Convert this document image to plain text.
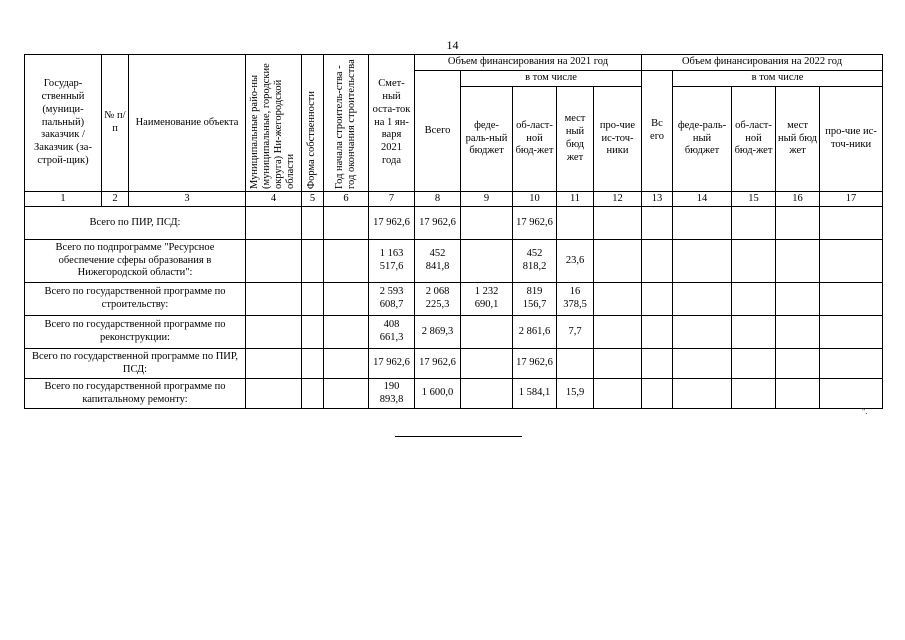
14
Государ-ственный (муници-пальный) заказчик / Заказчик (за-строй-щик)	№ п/п	Наименование объекта	Муниципальные райо-ны (муниципальные, городские округа) Ни-жегородской области	Форма собственности	Год начала строитель-ства - год окончания строительства	Смет-ный оста-ток на 1 ян-варя 2021 года	Объем финансирования на 2021 год					Объем финансирования на 2022 год				
							Всего	в том числе				Вс его	в том числе			
								феде-раль-ный бюджет	об-ласт-ной бюд-жет	мест ный бюд жет	про-чие ис-точ-ники		феде-раль-ный бюджет	об-ласт-ной бюд-жет	мест ный бюд жет	про-чие ис-точ-ники
1	2	3	4	5	6	7	8	9	10	11	12	13	14	15	16	17
Всего по ПИР, ПСД:						17 962,6	17 962,6		17 962,6							
Всего по подпрограмме "Ресурсное обеспечение сферы образования в Нижегородской области":						1 163 517,6	452 841,8		452 818,2	23,6						
Всего по государственной программе по строительству:						2 593 608,7	2 068 225,3	1 232 690,1	819 156,7	16 378,5						
Всего по государственной программе по реконструкции:						408 661,3	2 869,3		2 861,6	7,7						
Всего по государственной программе по ПИР, ПСД:						17 962,6	17 962,6		17 962,6							
Всего по государственной программе по капитальному ремонту:						190 893,8	1 600,0		1 584,1	15,9						
".
